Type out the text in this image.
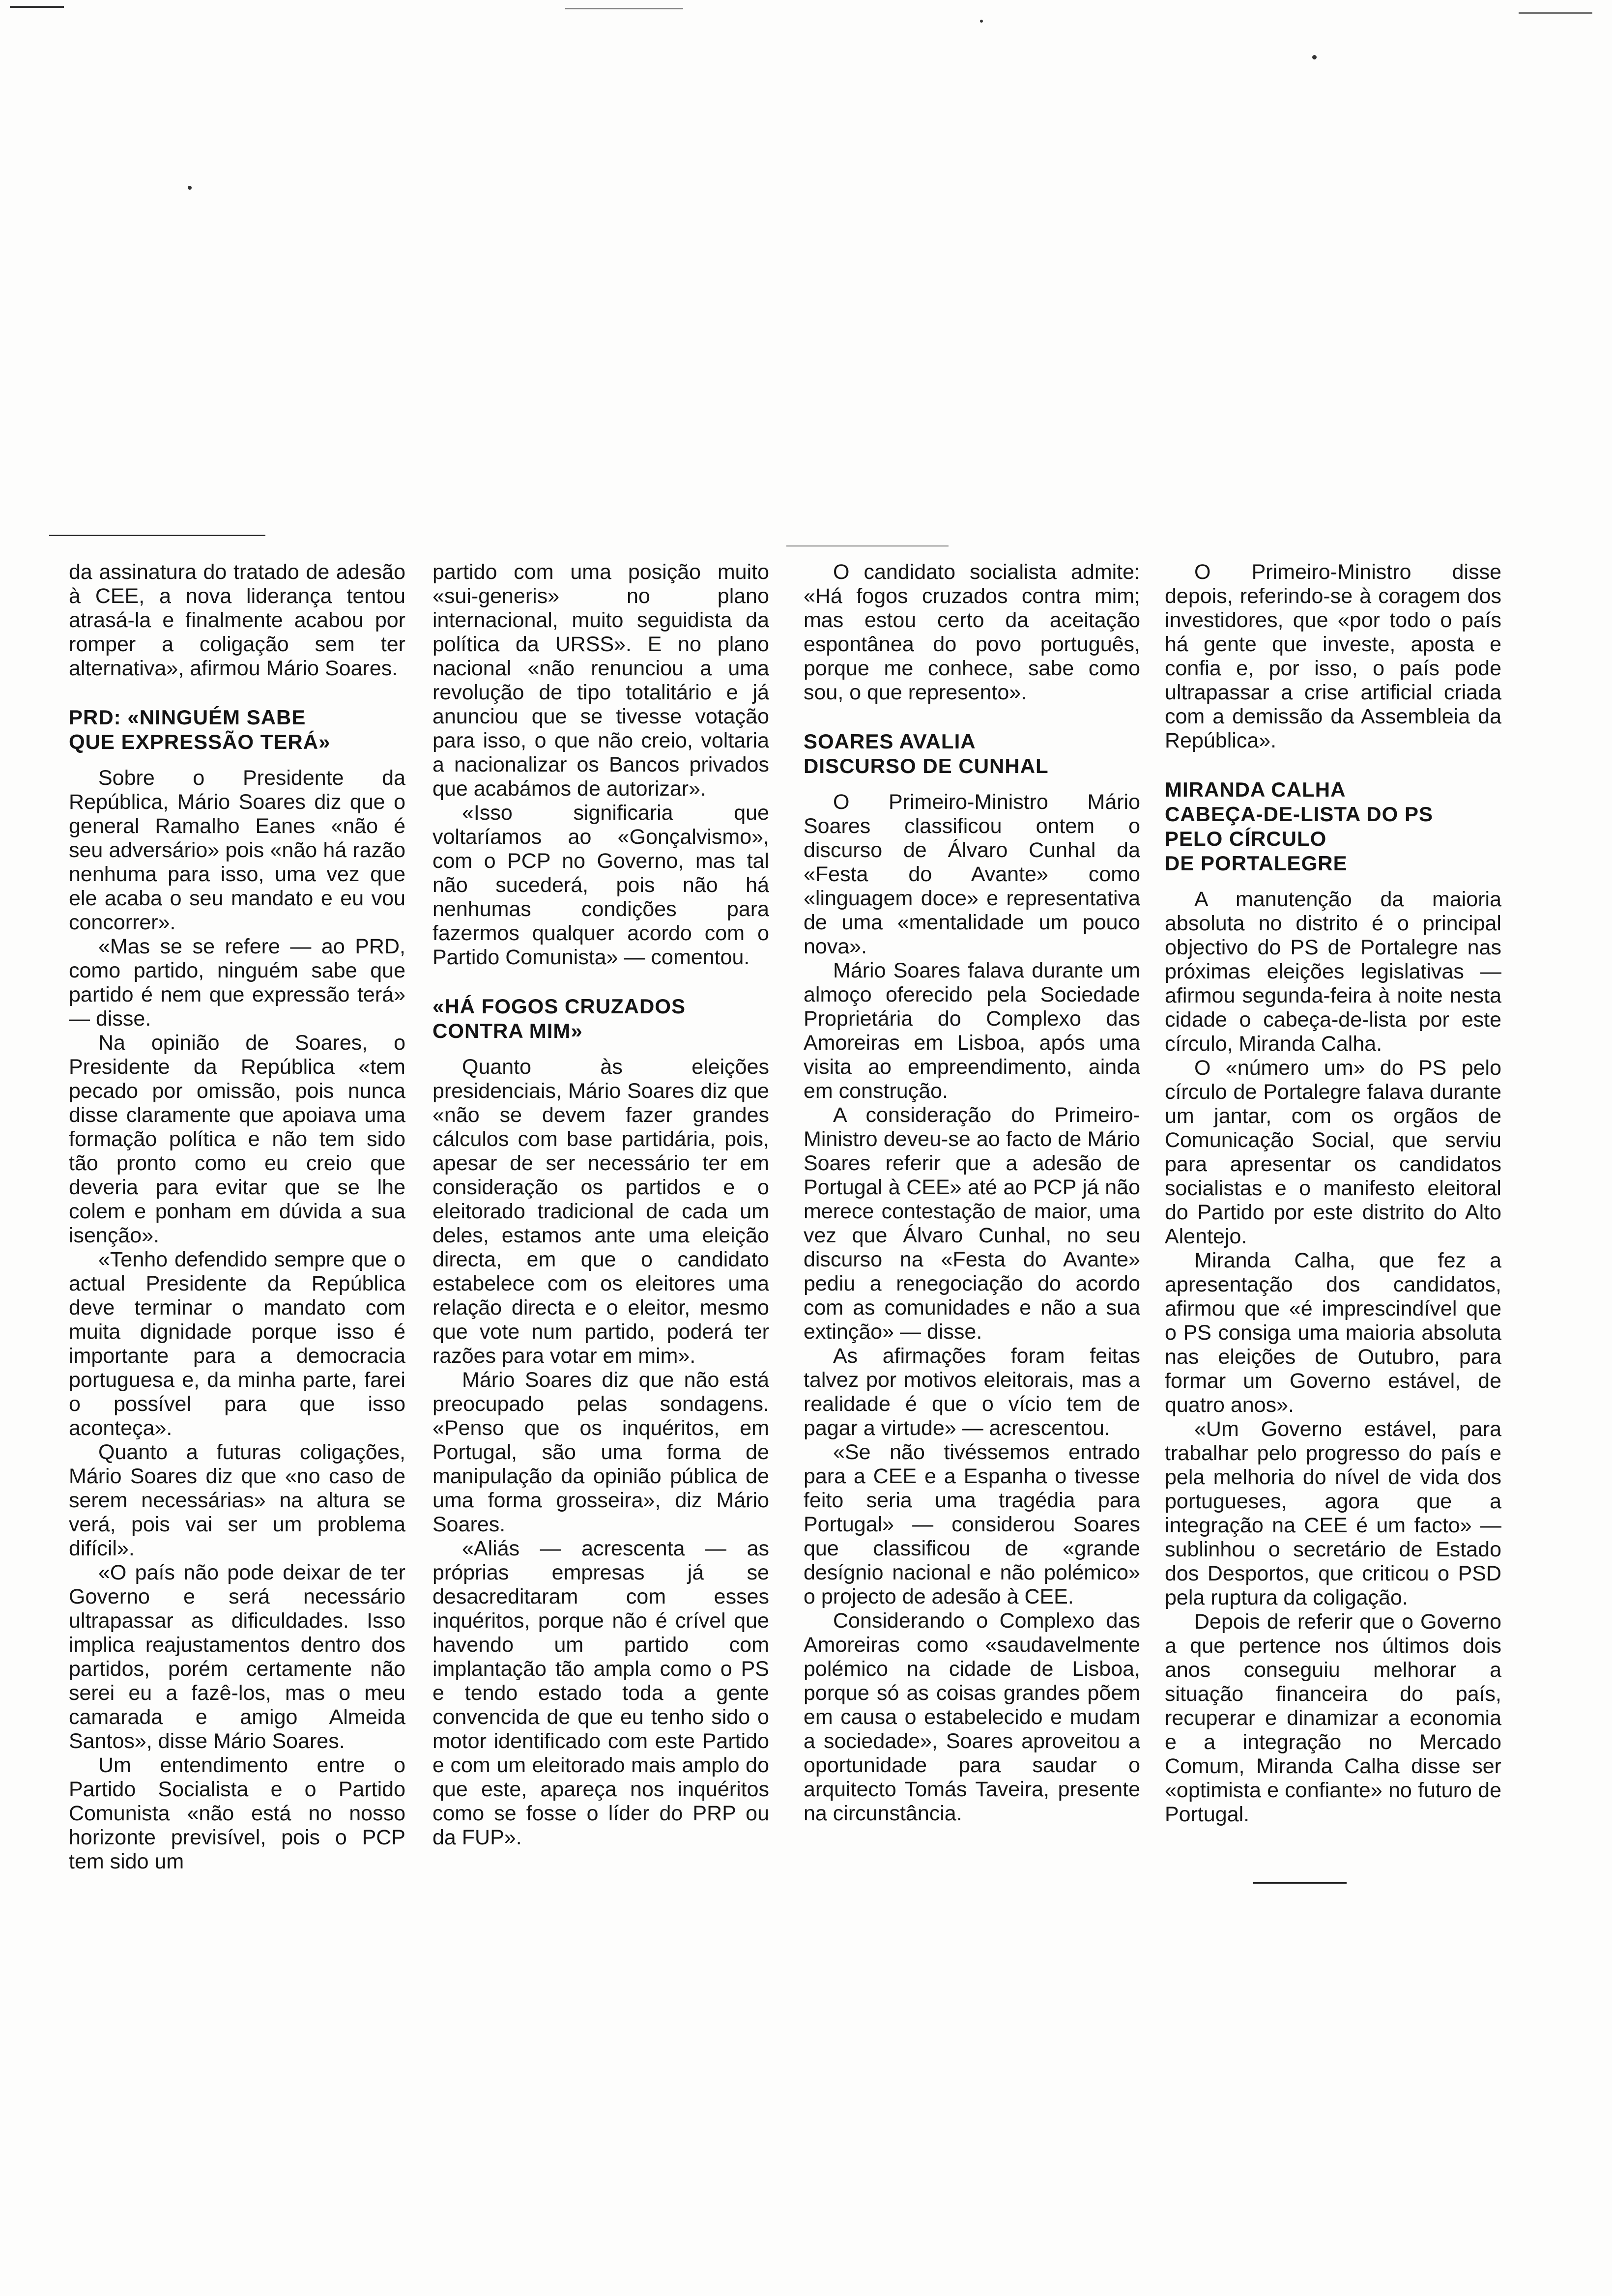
da assinatura do tratado de adesão à CEE, a nova liderança tentou atrasá-la e finalmente acabou por romper a coligação sem ter alternativa», afirmou Mário Soares.

PRD: «NINGUÉM SABE
QUE EXPRESSÃO TERÁ»

Sobre o Presidente da República, Mário Soares diz que o general Ramalho Eanes «não é seu adversário» pois «não há razão nenhuma para isso, uma vez que ele acaba o seu mandato e eu vou concorrer».

«Mas se se refere — ao PRD, como partido, ninguém sabe que partido é nem que expressão terá» — disse.

Na opinião de Soares, o Presidente da República «tem pecado por omissão, pois nunca disse claramente que apoiava uma formação política e não tem sido tão pronto como eu creio que deveria para evitar que se lhe colem e ponham em dúvida a sua isenção».

«Tenho defendido sempre que o actual Presidente da República deve terminar o mandato com muita dignidade porque isso é importante para a democracia portuguesa e, da minha parte, farei o possível para que isso aconteça».

Quanto a futuras coligações, Mário Soares diz que «no caso de serem necessárias» na altura se verá, pois vai ser um problema difícil».

«O país não pode deixar de ter Governo e será necessário ultrapassar as dificuldades. Isso implica reajustamentos dentro dos partidos, porém certamente não serei eu a fazê-los, mas o meu camarada e amigo Almeida Santos», disse Mário Soares.

Um entendimento entre o Partido Socialista e o Partido Comunista «não está no nosso horizonte previsível, pois o PCP tem sido um

partido com uma posição muito «sui-generis» no plano internacional, muito seguidista da política da URSS». E no plano nacional «não renunciou a uma revolução de tipo totalitário e já anunciou que se tivesse votação para isso, o que não creio, voltaria a nacionalizar os Bancos privados que acabámos de autorizar».

«Isso significaria que voltaríamos ao «Gonçalvismo», com o PCP no Governo, mas tal não sucederá, pois não há nenhumas condições para fazermos qualquer acordo com o Partido Comunista» — comentou.

«HÁ FOGOS CRUZADOS
CONTRA MIM»

Quanto às eleições presidenciais, Mário Soares diz que «não se devem fazer grandes cálculos com base partidária, pois, apesar de ser necessário ter em consideração os partidos e o eleitorado tradicional de cada um deles, estamos ante uma eleição directa, em que o candidato estabelece com os eleitores uma relação directa e o eleitor, mesmo que vote num partido, poderá ter razões para votar em mim».

Mário Soares diz que não está preocupado pelas sondagens. «Penso que os inquéritos, em Portugal, são uma forma de manipulação da opinião pública de uma forma grosseira», diz Mário Soares.

«Aliás — acrescenta — as próprias empresas já se desacreditaram com esses inquéritos, porque não é crível que havendo um partido com implantação tão ampla como o PS e tendo estado toda a gente convencida de que eu tenho sido o motor identificado com este Partido e com um eleitorado mais amplo do que este, apareça nos inquéritos como se fosse o líder do PRP ou da FUP».

O candidato socialista admite: «Há fogos cruzados contra mim; mas estou certo da aceitação espontânea do povo português, porque me conhece, sabe como sou, o que represento».

SOARES AVALIA
DISCURSO DE CUNHAL

O Primeiro-Ministro Mário Soares classificou ontem o discurso de Álvaro Cunhal da «Festa do Avante» como «linguagem doce» e representativa de uma «mentalidade um pouco nova».

Mário Soares falava durante um almoço oferecido pela Sociedade Proprietária do Complexo das Amoreiras em Lisboa, após uma visita ao empreendimento, ainda em construção.

A consideração do Primeiro-Ministro deveu-se ao facto de Mário Soares referir que a adesão de Portugal à CEE» até ao PCP já não merece contestação de maior, uma vez que Álvaro Cunhal, no seu discurso na «Festa do Avante» pediu a renegociação do acordo com as comunidades e não a sua extinção» — disse.

As afirmações foram feitas talvez por motivos eleitorais, mas a realidade é que o vício tem de pagar a virtude» — acrescentou.

«Se não tivéssemos entrado para a CEE e a Espanha o tivesse feito seria uma tragédia para Portugal» — considerou Soares que classificou de «grande desígnio nacional e não polémico» o projecto de adesão à CEE.

Considerando o Complexo das Amoreiras como «saudavelmente polémico na cidade de Lisboa, porque só as coisas grandes põem em causa o estabelecido e mudam a sociedade», Soares aproveitou a oportunidade para saudar o arquitecto Tomás Taveira, presente na circunstância.

O Primeiro-Ministro disse depois, referindo-se à coragem dos investidores, que «por todo o país há gente que investe, aposta e confia e, por isso, o país pode ultrapassar a crise artificial criada com a demissão da Assembleia da República».

MIRANDA CALHA
CABEÇA-DE-LISTA DO PS
PELO CÍRCULO
DE PORTALEGRE

A manutenção da maioria absoluta no distrito é o principal objectivo do PS de Portalegre nas próximas eleições legislativas — afirmou segunda-feira à noite nesta cidade o cabeça-de-lista por este círculo, Miranda Calha.

O «número um» do PS pelo círculo de Portalegre falava durante um jantar, com os orgãos de Comunicação Social, que serviu para apresentar os candidatos socialistas e o manifesto eleitoral do Partido por este distrito do Alto Alentejo.

Miranda Calha, que fez a apresentação dos candidatos, afirmou que «é imprescindível que o PS consiga uma maioria absoluta nas eleições de Outubro, para formar um Governo estável, de quatro anos».

«Um Governo estável, para trabalhar pelo progresso do país e pela melhoria do nível de vida dos portugueses, agora que a integração na CEE é um facto» — sublinhou o secretário de Estado dos Desportos, que criticou o PSD pela ruptura da coligação.

Depois de referir que o Governo a que pertence nos últimos dois anos conseguiu melhorar a situação financeira do país, recuperar e dinamizar a economia e a integração no Mercado Comum, Miranda Calha disse ser «optimista e confiante» no futuro de Portugal.
